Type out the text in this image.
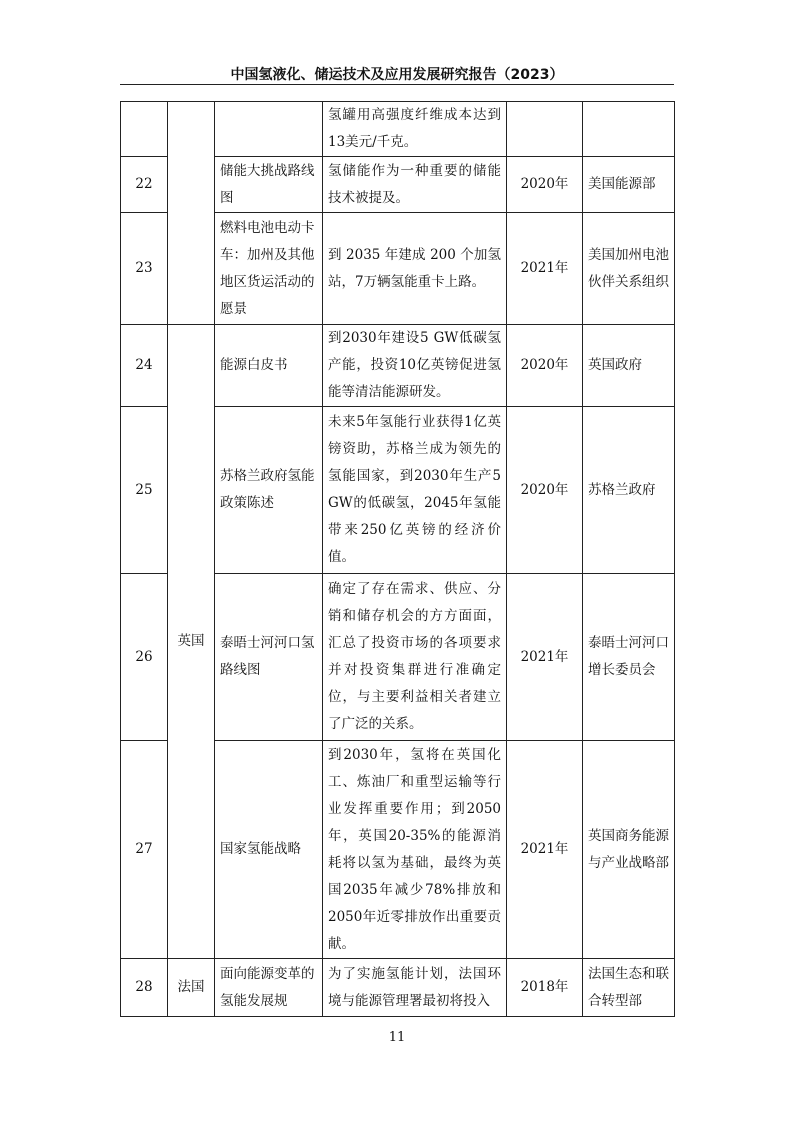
中国氢液化、储运技术及应用发展研究报告（2023）
			氢罐用高强度纤维成本达到13美元/千克。		
22		储能大挑战路线图	氢储能作为一种重要的储能技术被提及。	2020年	美国能源部
23		燃料电池电动卡车：加州及其他地区货运活动的愿景	到 2035 年建成 200 个加氢站，7万辆氢能重卡上路。	2021年	美国加州电池伙伴关系组织
24	英国	能源白皮书	到2030年建设5 GW低碳氢产能，投资10亿英镑促进氢能等清洁能源研发。	2020年	英国政府
25		苏格兰政府氢能政策陈述	未来5年氢能行业获得1亿英镑资助，苏格兰成为领先的氢能国家，到2030年生产5 GW的低碳氢，2045年氢能带来250亿英镑的经济价值。	2020年	苏格兰政府
26		泰晤士河河口氢路线图	确定了存在需求、供应、分销和储存机会的方方面面，汇总了投资市场的各项要求并对投资集群进行准确定位，与主要利益相关者建立了广泛的关系。	2021年	泰晤士河河口增长委员会
27		国家氢能战略	到2030年，氢将在英国化工、炼油厂和重型运输等行业发挥重要作用；到2050年，英国20-35%的能源消耗将以氢为基础，最终为英国2035年减少78%排放和2050年近零排放作出重要贡献。	2021年	英国商务能源与产业战略部
28	法国	面向能源变革的氢能发展规	为了实施氢能计划，法国环境与能源管理署最初将投入	2018年	法国生态和联合转型部
11
